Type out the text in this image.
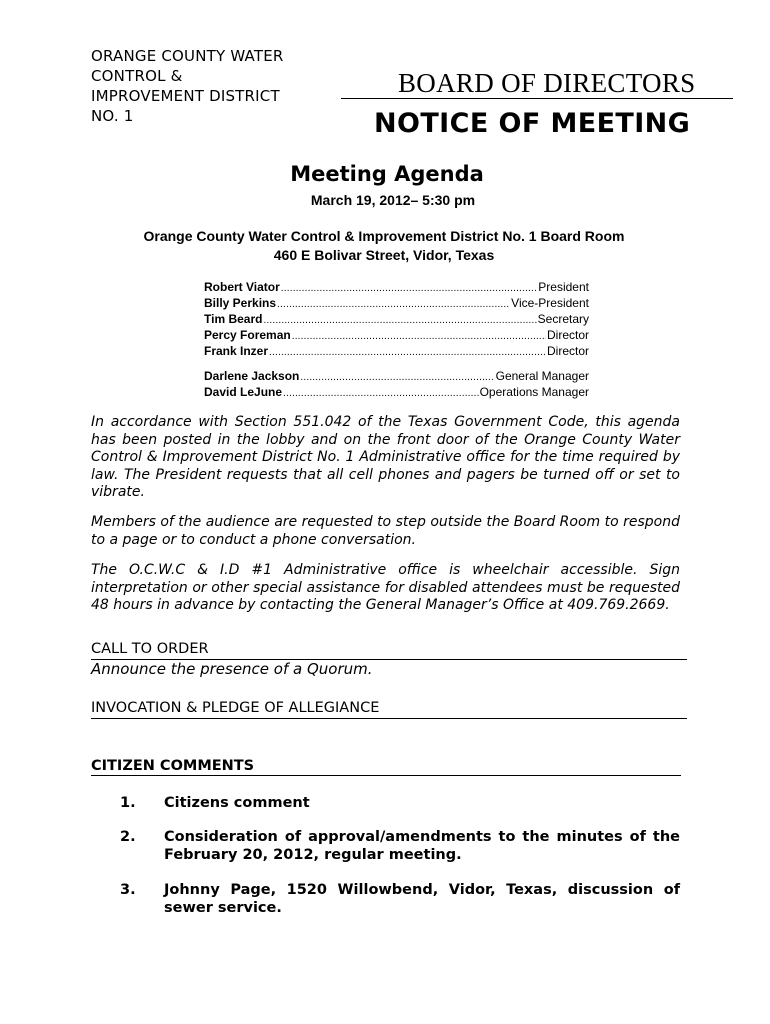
ORANGE COUNTY WATER
CONTROL &
IMPROVEMENT DISTRICT
NO. 1
BOARD OF DIRECTORS
NOTICE OF MEETING
Meeting Agenda
March 19, 2012– 5:30 pm
Orange County Water Control & Improvement District No. 1 Board Room
460 E Bolivar Street, Vidor, Texas
Robert Viator .....	President
Billy Perkins .....	Vice-President
Tim Beard .....	Secretary
Percy Foreman .....	Director
Frank Inzer .....	Director
Darlene Jackson .....	General Manager
David LeJune .....	Operations Manager
In accordance with Section 551.042 of the Texas Government Code, this agenda has been posted in the lobby and on the front door of the Orange County Water Control & Improvement District No. 1 Administrative office for the time required by law. The President requests that all cell phones and pagers be turned off or set to vibrate.
Members of the audience are requested to step outside the Board Room to respond to a page or to conduct a phone conversation.
The O.C.W.C & I.D #1 Administrative office is wheelchair accessible. Sign interpretation or other special assistance for disabled attendees must be requested 48 hours in advance by contacting the General Manager’s Office at 409.769.2669.
CALL TO ORDER
Announce the presence of a Quorum.
INVOCATION & PLEDGE OF ALLEGIANCE
CITIZEN COMMENTS
1.	Citizens comment
2.	Consideration of approval/amendments to the minutes of the February 20, 2012, regular meeting.
3.	Johnny Page, 1520 Willowbend, Vidor, Texas, discussion of sewer service.
